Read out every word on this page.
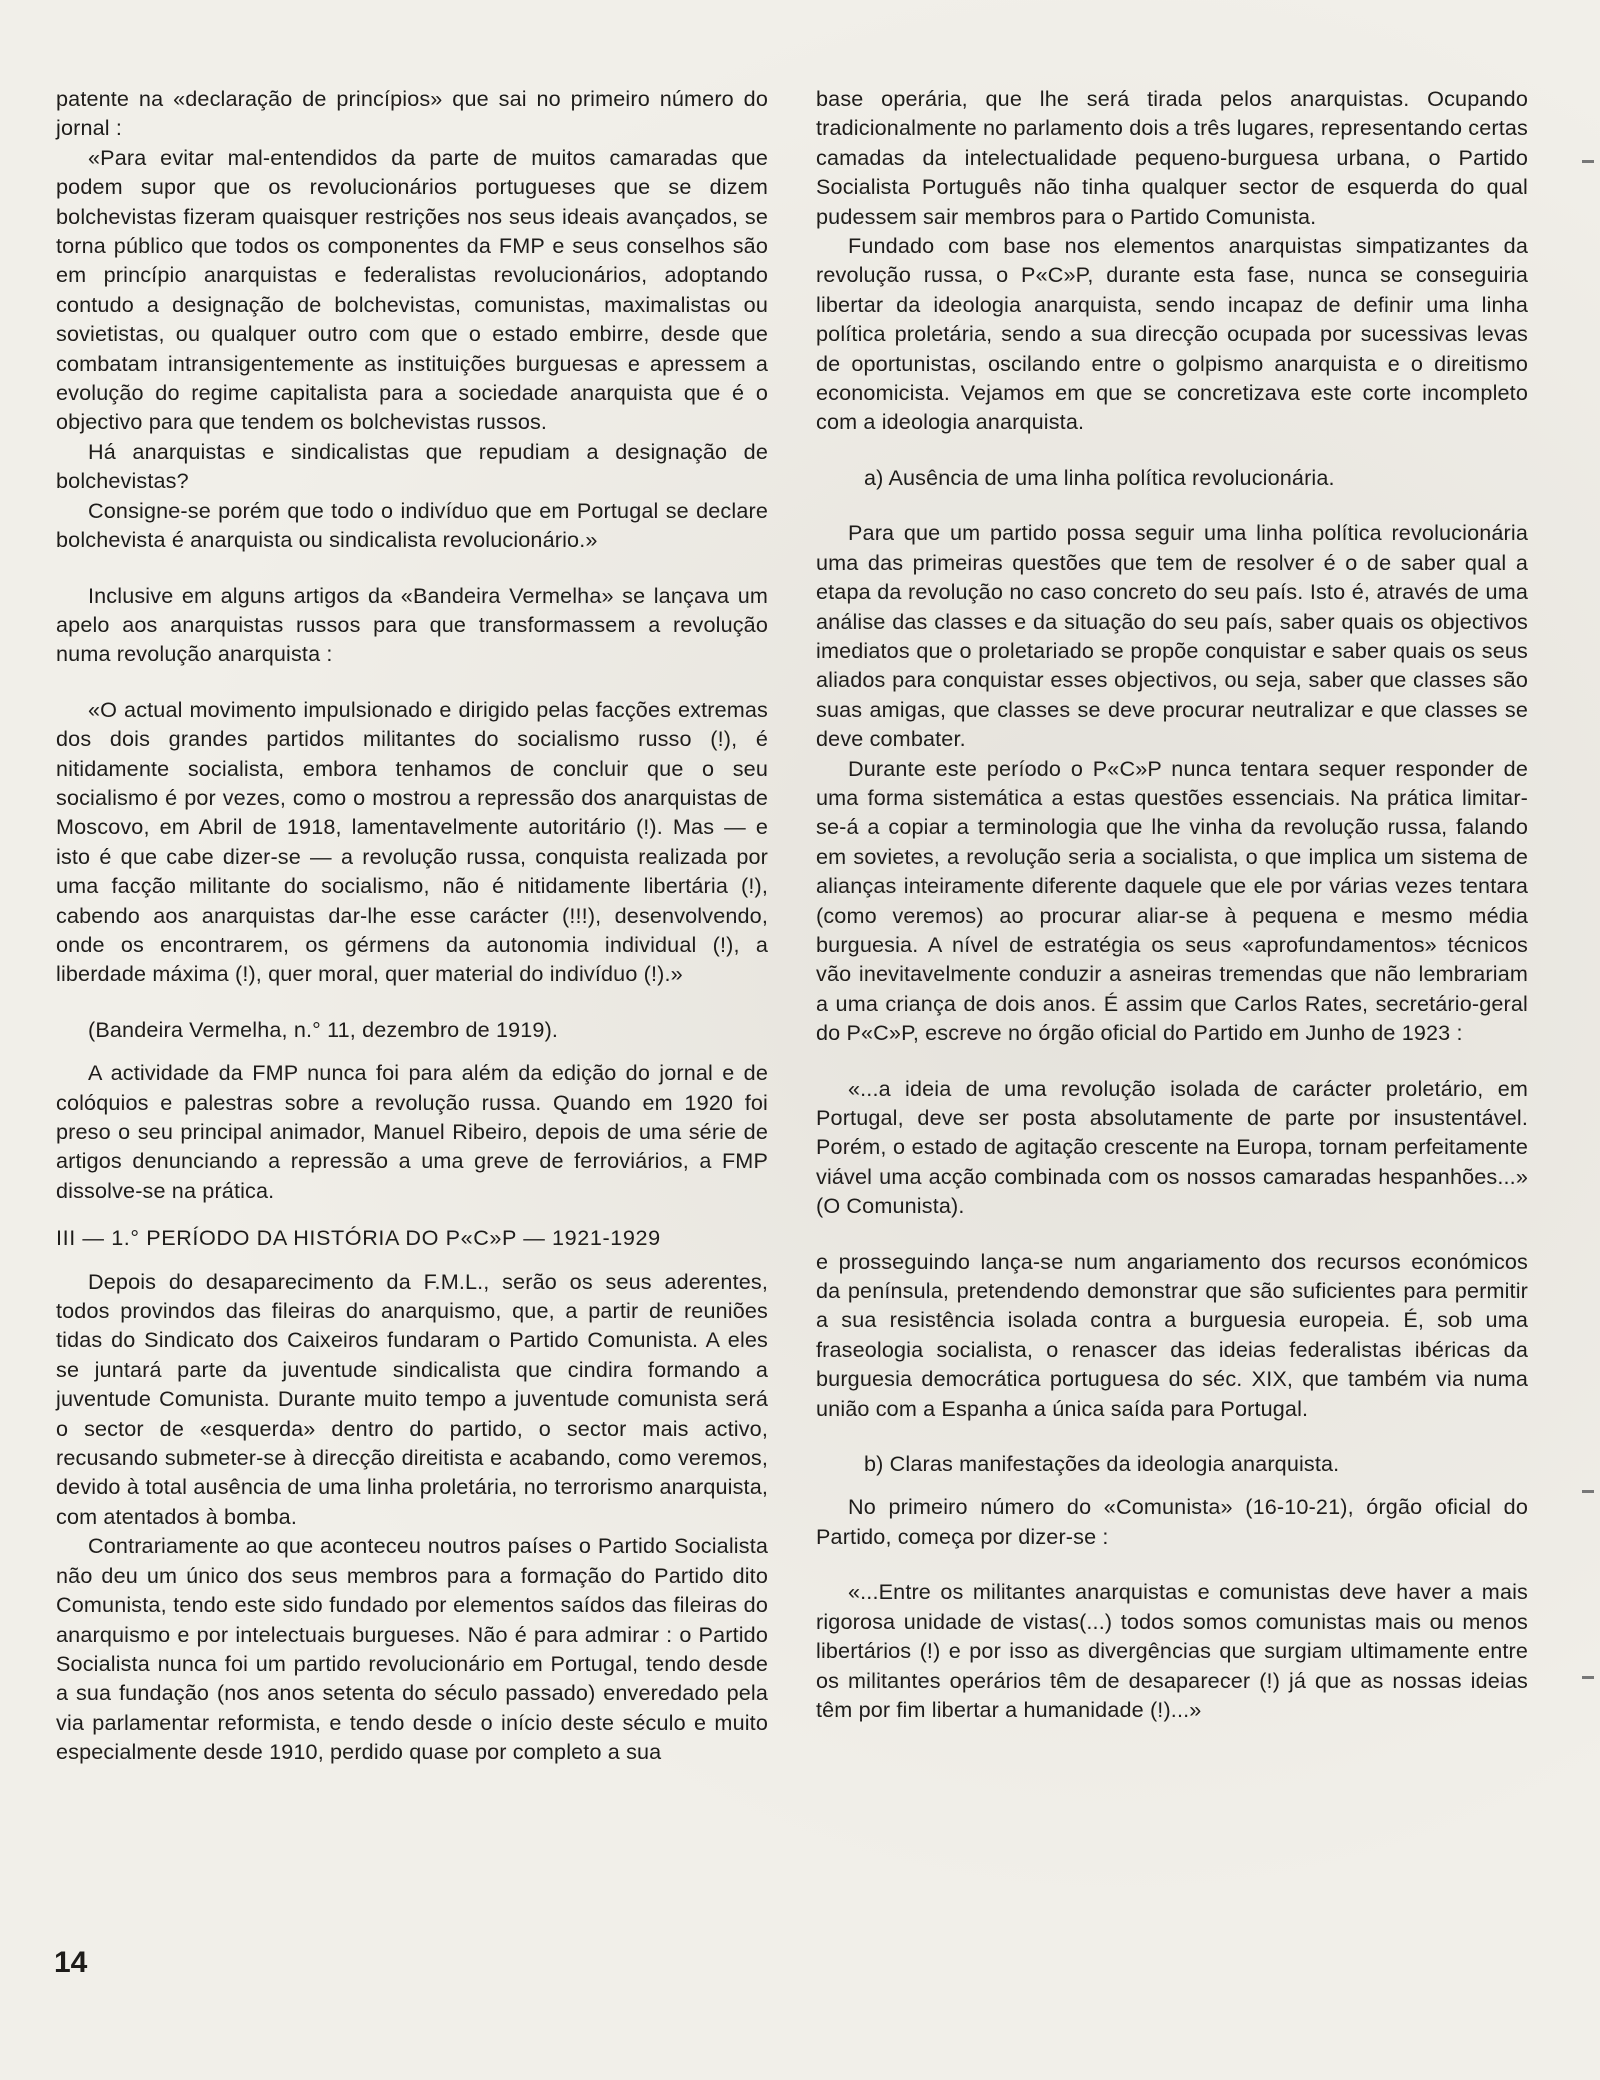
patente na «declaração de princípios» que sai no primeiro número do jornal :

«Para evitar mal-entendidos da parte de muitos camaradas que podem supor que os revolucionários portugueses que se dizem bolchevistas fizeram quaisquer restrições nos seus ideais avançados, se torna público que todos os componentes da FMP e seus conselhos são em princípio anarquistas e federalistas revolucionários, adoptando contudo a designação de bolchevistas, comunistas, maximalistas ou sovietistas, ou qualquer outro com que o estado embirre, desde que combatam intransigentemente as instituições burguesas e apressem a evolução do regime capitalista para a sociedade anarquista que é o objectivo para que tendem os bolchevistas russos.

Há anarquistas e sindicalistas que repudiam a designação de bolchevistas?

Consigne-se porém que todo o indivíduo que em Portugal se declare bolchevista é anarquista ou sindicalista revolucionário.»

Inclusive em alguns artigos da «Bandeira Vermelha» se lançava um apelo aos anarquistas russos para que transformassem a revolução numa revolução anarquista :

«O actual movimento impulsionado e dirigido pelas facções extremas dos dois grandes partidos militantes do socialismo russo (!), é nitidamente socialista, embora tenhamos de concluir que o seu socialismo é por vezes, como o mostrou a repressão dos anarquistas de Moscovo, em Abril de 1918, lamentavelmente autoritário (!). Mas — e isto é que cabe dizer-se — a revolução russa, conquista realizada por uma facção militante do socialismo, não é nitidamente libertária (!), cabendo aos anarquistas dar-lhe esse carácter (!!!), desenvolvendo, onde os encontrarem, os gérmens da autonomia individual (!), a liberdade máxima (!), quer moral, quer material do indivíduo (!).»

(Bandeira Vermelha, n.° 11, dezembro de 1919).

A actividade da FMP nunca foi para além da edição do jornal e de colóquios e palestras sobre a revolução russa. Quando em 1920 foi preso o seu principal animador, Manuel Ribeiro, depois de uma série de artigos denunciando a repressão a uma greve de ferroviários, a FMP dissolve-se na prática.

III — 1.° PERÍODO DA HISTÓRIA DO P«C»P — 1921-1929

Depois do desaparecimento da F.M.L., serão os seus aderentes, todos provindos das fileiras do anarquismo, que, a partir de reuniões tidas do Sindicato dos Caixeiros fundaram o Partido Comunista. A eles se juntará parte da juventude sindicalista que cindira formando a juventude Comunista. Durante muito tempo a juventude comunista será o sector de «esquerda» dentro do partido, o sector mais activo, recusando submeter-se à direcção direitista e acabando, como veremos, devido à total ausência de uma linha proletária, no terrorismo anarquista, com atentados à bomba.

Contrariamente ao que aconteceu noutros países o Partido Socialista não deu um único dos seus membros para a formação do Partido dito Comunista, tendo este sido fundado por elementos saídos das fileiras do anarquismo e por intelectuais burgueses. Não é para admirar : o Partido Socialista nunca foi um partido revolucionário em Portugal, tendo desde a sua fundação (nos anos setenta do século passado) enveredado pela via parlamentar reformista, e tendo desde o início deste século e muito especialmente desde 1910, perdido quase por completo a sua

base operária, que lhe será tirada pelos anarquistas. Ocupando tradicionalmente no parlamento dois a três lugares, representando certas camadas da intelectualidade pequeno-burguesa urbana, o Partido Socialista Português não tinha qualquer sector de esquerda do qual pudessem sair membros para o Partido Comunista.

Fundado com base nos elementos anarquistas simpatizantes da revolução russa, o P«C»P, durante esta fase, nunca se conseguiria libertar da ideologia anarquista, sendo incapaz de definir uma linha política proletária, sendo a sua direcção ocupada por sucessivas levas de oportunistas, oscilando entre o golpismo anarquista e o direitismo economicista. Vejamos em que se concretizava este corte incompleto com a ideologia anarquista.

a) Ausência de uma linha política revolucionária.

Para que um partido possa seguir uma linha política revolucionária uma das primeiras questões que tem de resolver é o de saber qual a etapa da revolução no caso concreto do seu país. Isto é, através de uma análise das classes e da situação do seu país, saber quais os objectivos imediatos que o proletariado se propõe conquistar e saber quais os seus aliados para conquistar esses objectivos, ou seja, saber que classes são suas amigas, que classes se deve procurar neutralizar e que classes se deve combater.

Durante este período o P«C»P nunca tentara sequer responder de uma forma sistemática a estas questões essenciais. Na prática limitar-se-á a copiar a terminologia que lhe vinha da revolução russa, falando em sovietes, a revolução seria a socialista, o que implica um sistema de alianças inteiramente diferente daquele que ele por várias vezes tentara (como veremos) ao procurar aliar-se à pequena e mesmo média burguesia. A nível de estratégia os seus «aprofundamentos» técnicos vão inevitavelmente conduzir a asneiras tremendas que não lembrariam a uma criança de dois anos. É assim que Carlos Rates, secretário-geral do P«C»P, escreve no órgão oficial do Partido em Junho de 1923 :

«...a ideia de uma revolução isolada de carácter proletário, em Portugal, deve ser posta absolutamente de parte por insustentável. Porém, o estado de agitação crescente na Europa, tornam perfeitamente viável uma acção combinada com os nossos camaradas hespanhões...» (O Comunista).

e prosseguindo lança-se num angariamento dos recursos económicos da península, pretendendo demonstrar que são suficientes para permitir a sua resistência isolada contra a burguesia europeia. É, sob uma fraseologia socialista, o renascer das ideias federalistas ibéricas da burguesia democrática portuguesa do séc. XIX, que também via numa união com a Espanha a única saída para Portugal.

b) Claras manifestações da ideologia anarquista.

No primeiro número do «Comunista» (16-10-21), órgão oficial do Partido, começa por dizer-se :

«...Entre os militantes anarquistas e comunistas deve haver a mais rigorosa unidade de vistas(...) todos somos comunistas mais ou menos libertários (!) e por isso as divergências que surgiam ultimamente entre os militantes operários têm de desaparecer (!) já que as nossas ideias têm por fim libertar a humanidade (!)...»

14
